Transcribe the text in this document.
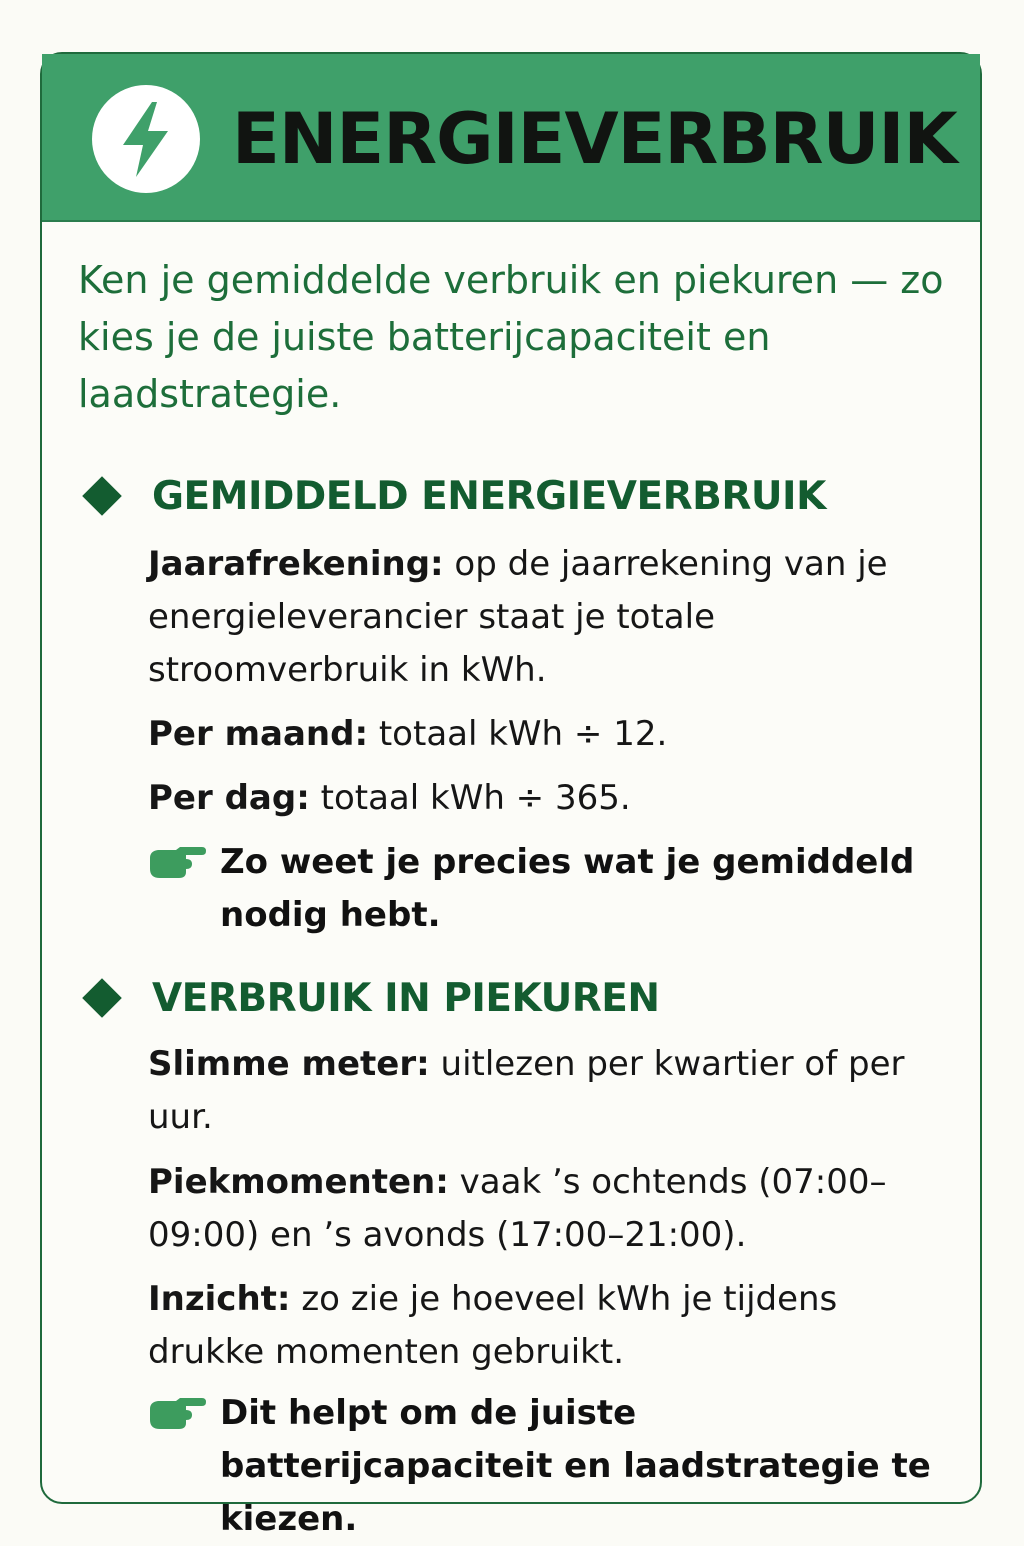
ENERGIEVERBRUIK

Ken je gemiddelde verbruik en piekuren — zo kies je de juiste batterijcapaciteit en laadstrategie.

GEMIDDELD ENERGIEVERBRUIK

Jaarafrekening: op de jaarrekening van je energieleverancier staat je totale stroomverbruik in kWh.

Per maand: totaal kWh ÷ 12.

Per dag: totaal kWh ÷ 365.

Zo weet je precies wat je gemiddeld nodig hebt.
VERBRUIK IN PIEKUREN

Slimme meter: uitlezen per kwartier of per uur.

Piekmomenten: vaak ’s ochtends (07:00–09:00) en ’s avonds (17:00–21:00).

Inzicht: zo zie je hoeveel kWh je tijdens drukke momenten gebruikt.

Dit helpt om de juiste batterijcapaciteit en laadstrategie te kiezen.
